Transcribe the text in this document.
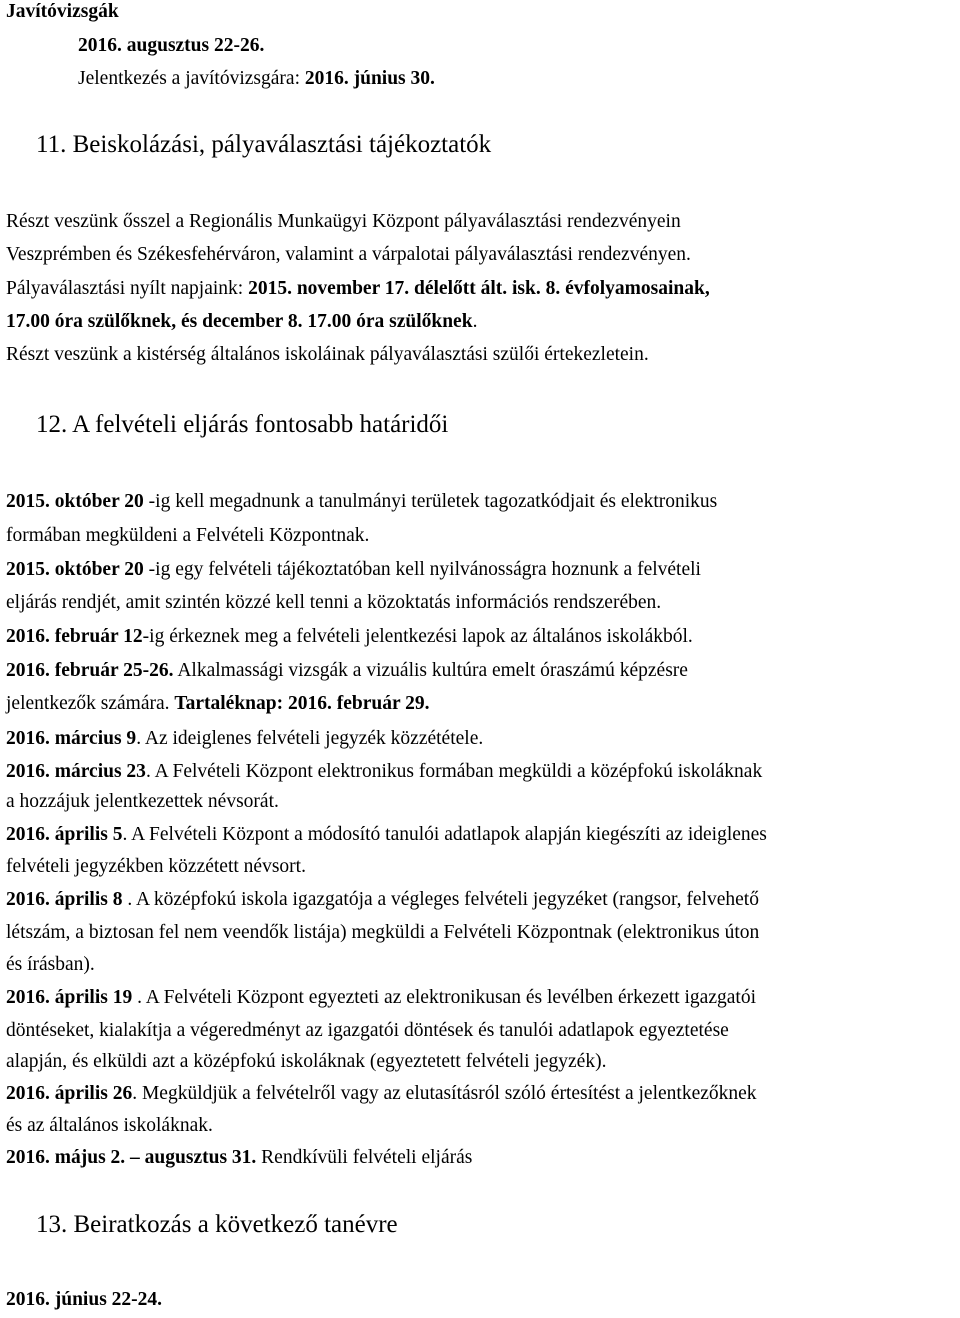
Javítóvizsgák
2016. augusztus 22-26.
Jelentkezés a javítóvizsgára: 2016. június 30.
11. Beiskolázási, pályaválasztási tájékoztatók
Részt veszünk ősszel a Regionális Munkaügyi Központ pályaválasztási rendezvényein
Veszprémben és Székesfehérváron, valamint a várpalotai pályaválasztási rendezvényen.
Pályaválasztási nyílt napjaink: 2015. november 17. délelőtt ált. isk. 8. évfolyamosainak,
17.00 óra szülőknek, és december 8. 17.00 óra szülőknek.
Részt veszünk a kistérség általános iskoláinak pályaválasztási szülői értekezletein.
12. A felvételi eljárás fontosabb határidői
2015. október 20 -ig kell megadnunk a tanulmányi területek tagozatkódjait és elektronikus
formában megküldeni a Felvételi Központnak.
2015. október 20 -ig egy felvételi tájékoztatóban kell nyilvánosságra hoznunk a felvételi
eljárás rendjét, amit szintén közzé kell tenni a közoktatás információs rendszerében.
2016. február 12-ig érkeznek meg a felvételi jelentkezési lapok az általános iskolákból.
2016. február 25-26. Alkalmassági vizsgák a vizuális kultúra emelt óraszámú képzésre
jelentkezők számára. Tartaléknap: 2016. február 29.
2016. március 9. Az ideiglenes felvételi jegyzék közzététele.
2016. március 23. A Felvételi Központ elektronikus formában megküldi a középfokú iskoláknak
a hozzájuk jelentkezettek névsorát.
2016. április 5. A Felvételi Központ a módosító tanulói adatlapok alapján kiegészíti az ideiglenes
felvételi jegyzékben közzétett névsort.
2016. április 8 . A középfokú iskola igazgatója a végleges felvételi jegyzéket (rangsor, felvehető
létszám, a biztosan fel nem veendők listája) megküldi a Felvételi Központnak (elektronikus úton
és írásban).
2016. április 19 . A Felvételi Központ egyezteti az elektronikusan és levélben érkezett igazgatói
döntéseket, kialakítja a végeredményt az igazgatói döntések és tanulói adatlapok egyeztetése
alapján, és elküldi azt a középfokú iskoláknak (egyeztetett felvételi jegyzék).
2016. április 26. Megküldjük a felvételről vagy az elutasításról szóló értesítést a jelentkezőknek
és az általános iskoláknak.
2016. május 2. – augusztus 31. Rendkívüli felvételi eljárás
13. Beiratkozás a következő tanévre
2016. június 22-24.
